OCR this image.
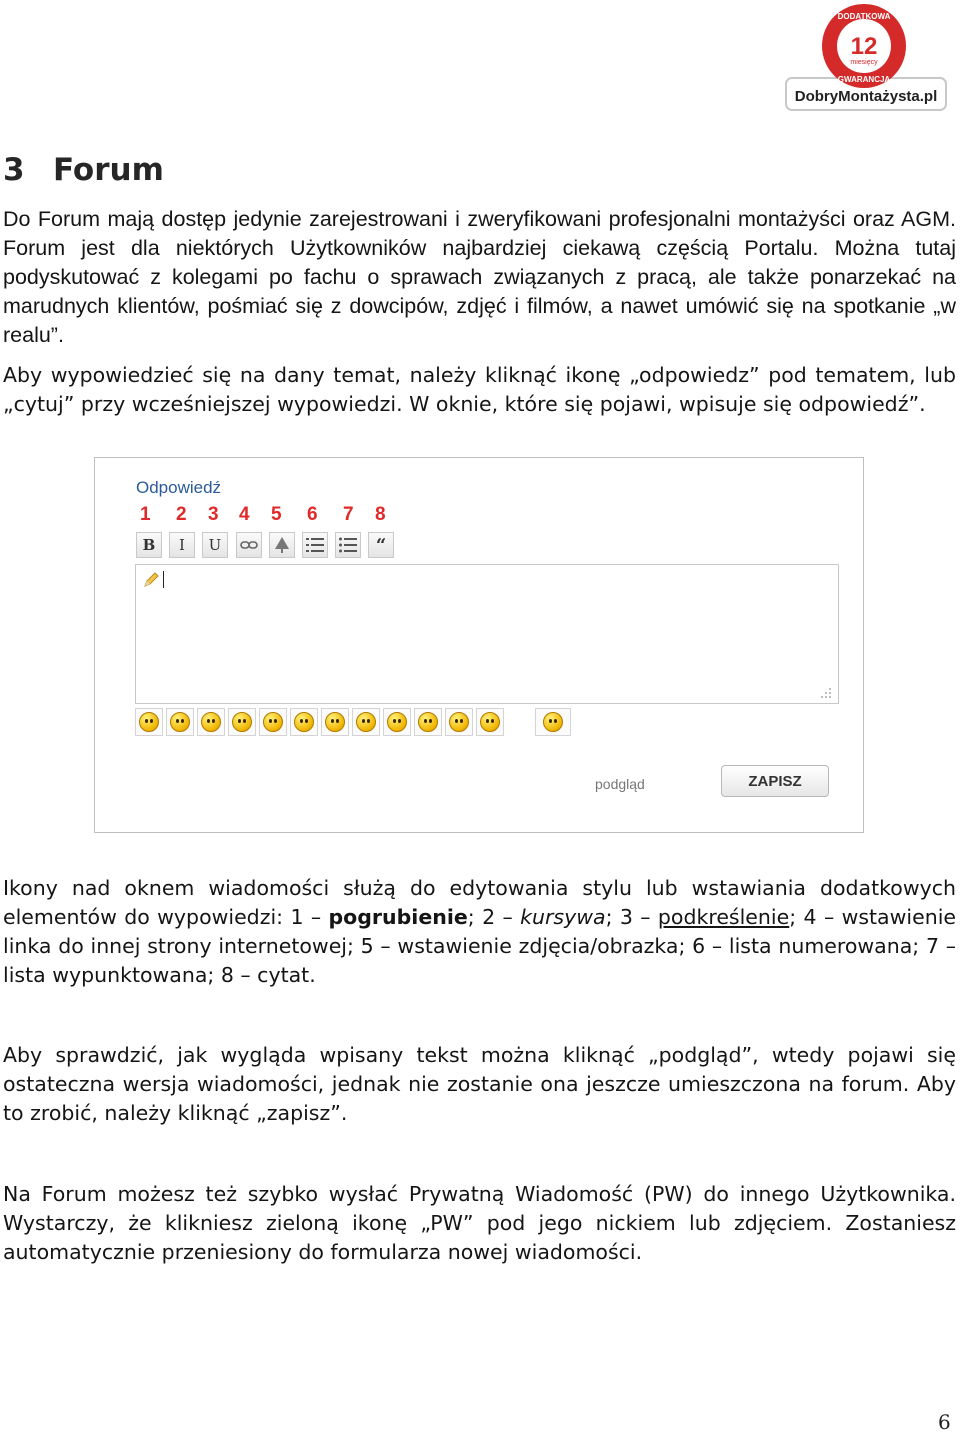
DobryMontażysta.pl
12
miesięcy
DODATKOWA
GWARANCJA
3 Forum

Do Forum mają dostęp jedynie zarejestrowani i zweryfikowani profesjonalni montażyści oraz AGM. Forum jest dla niektórych Użytkowników najbardziej ciekawą częścią Portalu. Można tutaj podyskutować z kolegami po fachu o sprawach związanych z pracą, ale także ponarzekać na marudnych klientów, pośmiać się z dowcipów, zdjęć i filmów, a nawet umówić się na spotkanie „w realu”.

Aby wypowiedzieć się na dany temat, należy kliknąć ikonę „odpowiedz” pod tematem, lub „cytuj” przy wcześniejszej wypowiedzi. W oknie, które się pojawi, wpisuje się odpowiedź”.

Odpowiedź
1 2 3 4 5 6 7 8
B	I	U	“
podgląd	ZAPISZ

Ikony nad oknem wiadomości służą do edytowania stylu lub wstawiania dodatkowych elementów do wypowiedzi: 1 – pogrubienie; 2 – kursywa; 3 – podkreślenie; 4 – wstawienie linka do innej strony internetowej; 5 – wstawienie zdjęcia/obrazka; 6 – lista numerowana; 7 – lista wypunktowana; 8 – cytat.

Aby sprawdzić, jak wygląda wpisany tekst można kliknąć „podgląd”, wtedy pojawi się ostateczna wersja wiadomości, jednak nie zostanie ona jeszcze umieszczona na forum. Aby to zrobić, należy kliknąć „zapisz”.

Na Forum możesz też szybko wysłać Prywatną Wiadomość (PW) do innego Użytkownika. Wystarczy, że klikniesz zieloną ikonę „PW” pod jego nickiem lub zdjęciem. Zostaniesz automatycznie przeniesiony do formularza nowej wiadomości.

6
